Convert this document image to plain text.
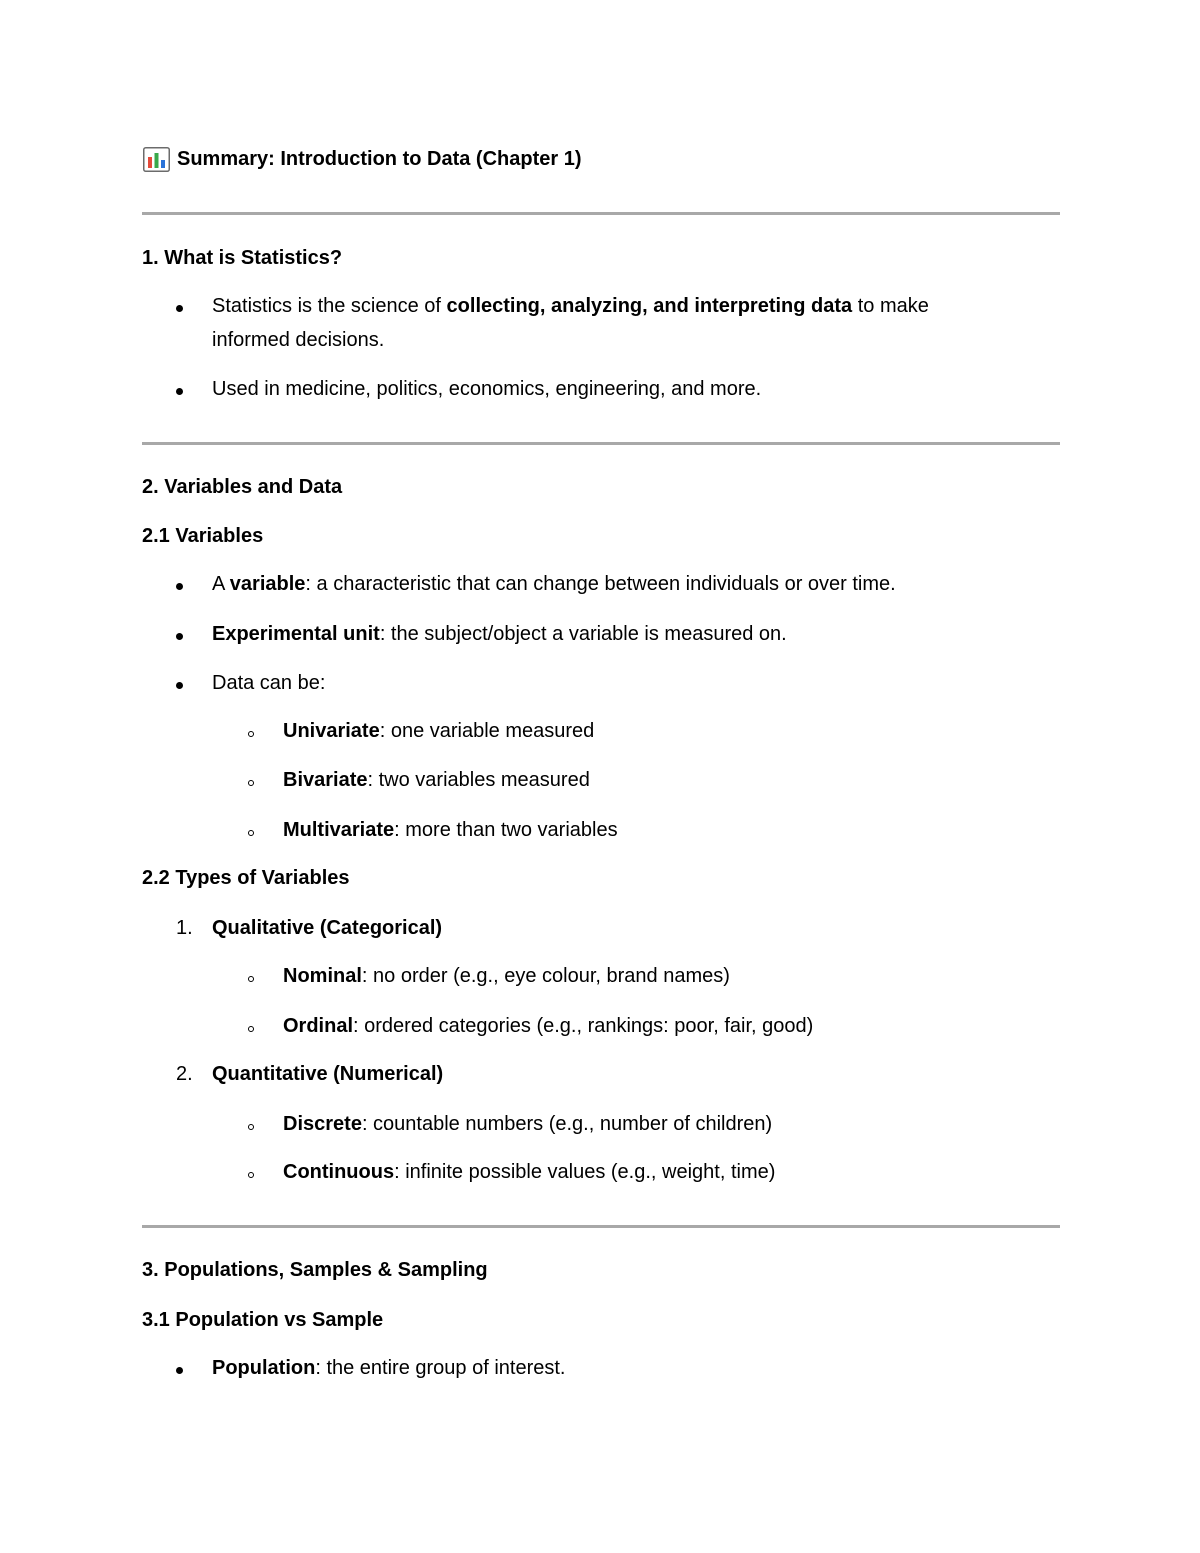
Summary: Introduction to Data (Chapter 1)

1. What is Statistics?

Statistics is the science of collecting, analyzing, and interpreting data to make

informed decisions.

Used in medicine, politics, economics, engineering, and more.

2. Variables and Data

2.1 Variables

A variable: a characteristic that can change between individuals or over time.

Experimental unit: the subject/object a variable is measured on.

Data can be:

Univariate: one variable measured

Bivariate: two variables measured

Multivariate: more than two variables

2.2 Types of Variables

1. Qualitative (Categorical)

Nominal: no order (e.g., eye colour, brand names)

Ordinal: ordered categories (e.g., rankings: poor, fair, good)

2. Quantitative (Numerical)

Discrete: countable numbers (e.g., number of children)

Continuous: infinite possible values (e.g., weight, time)

3. Populations, Samples & Sampling

3.1 Population vs Sample

Population: the entire group of interest.
